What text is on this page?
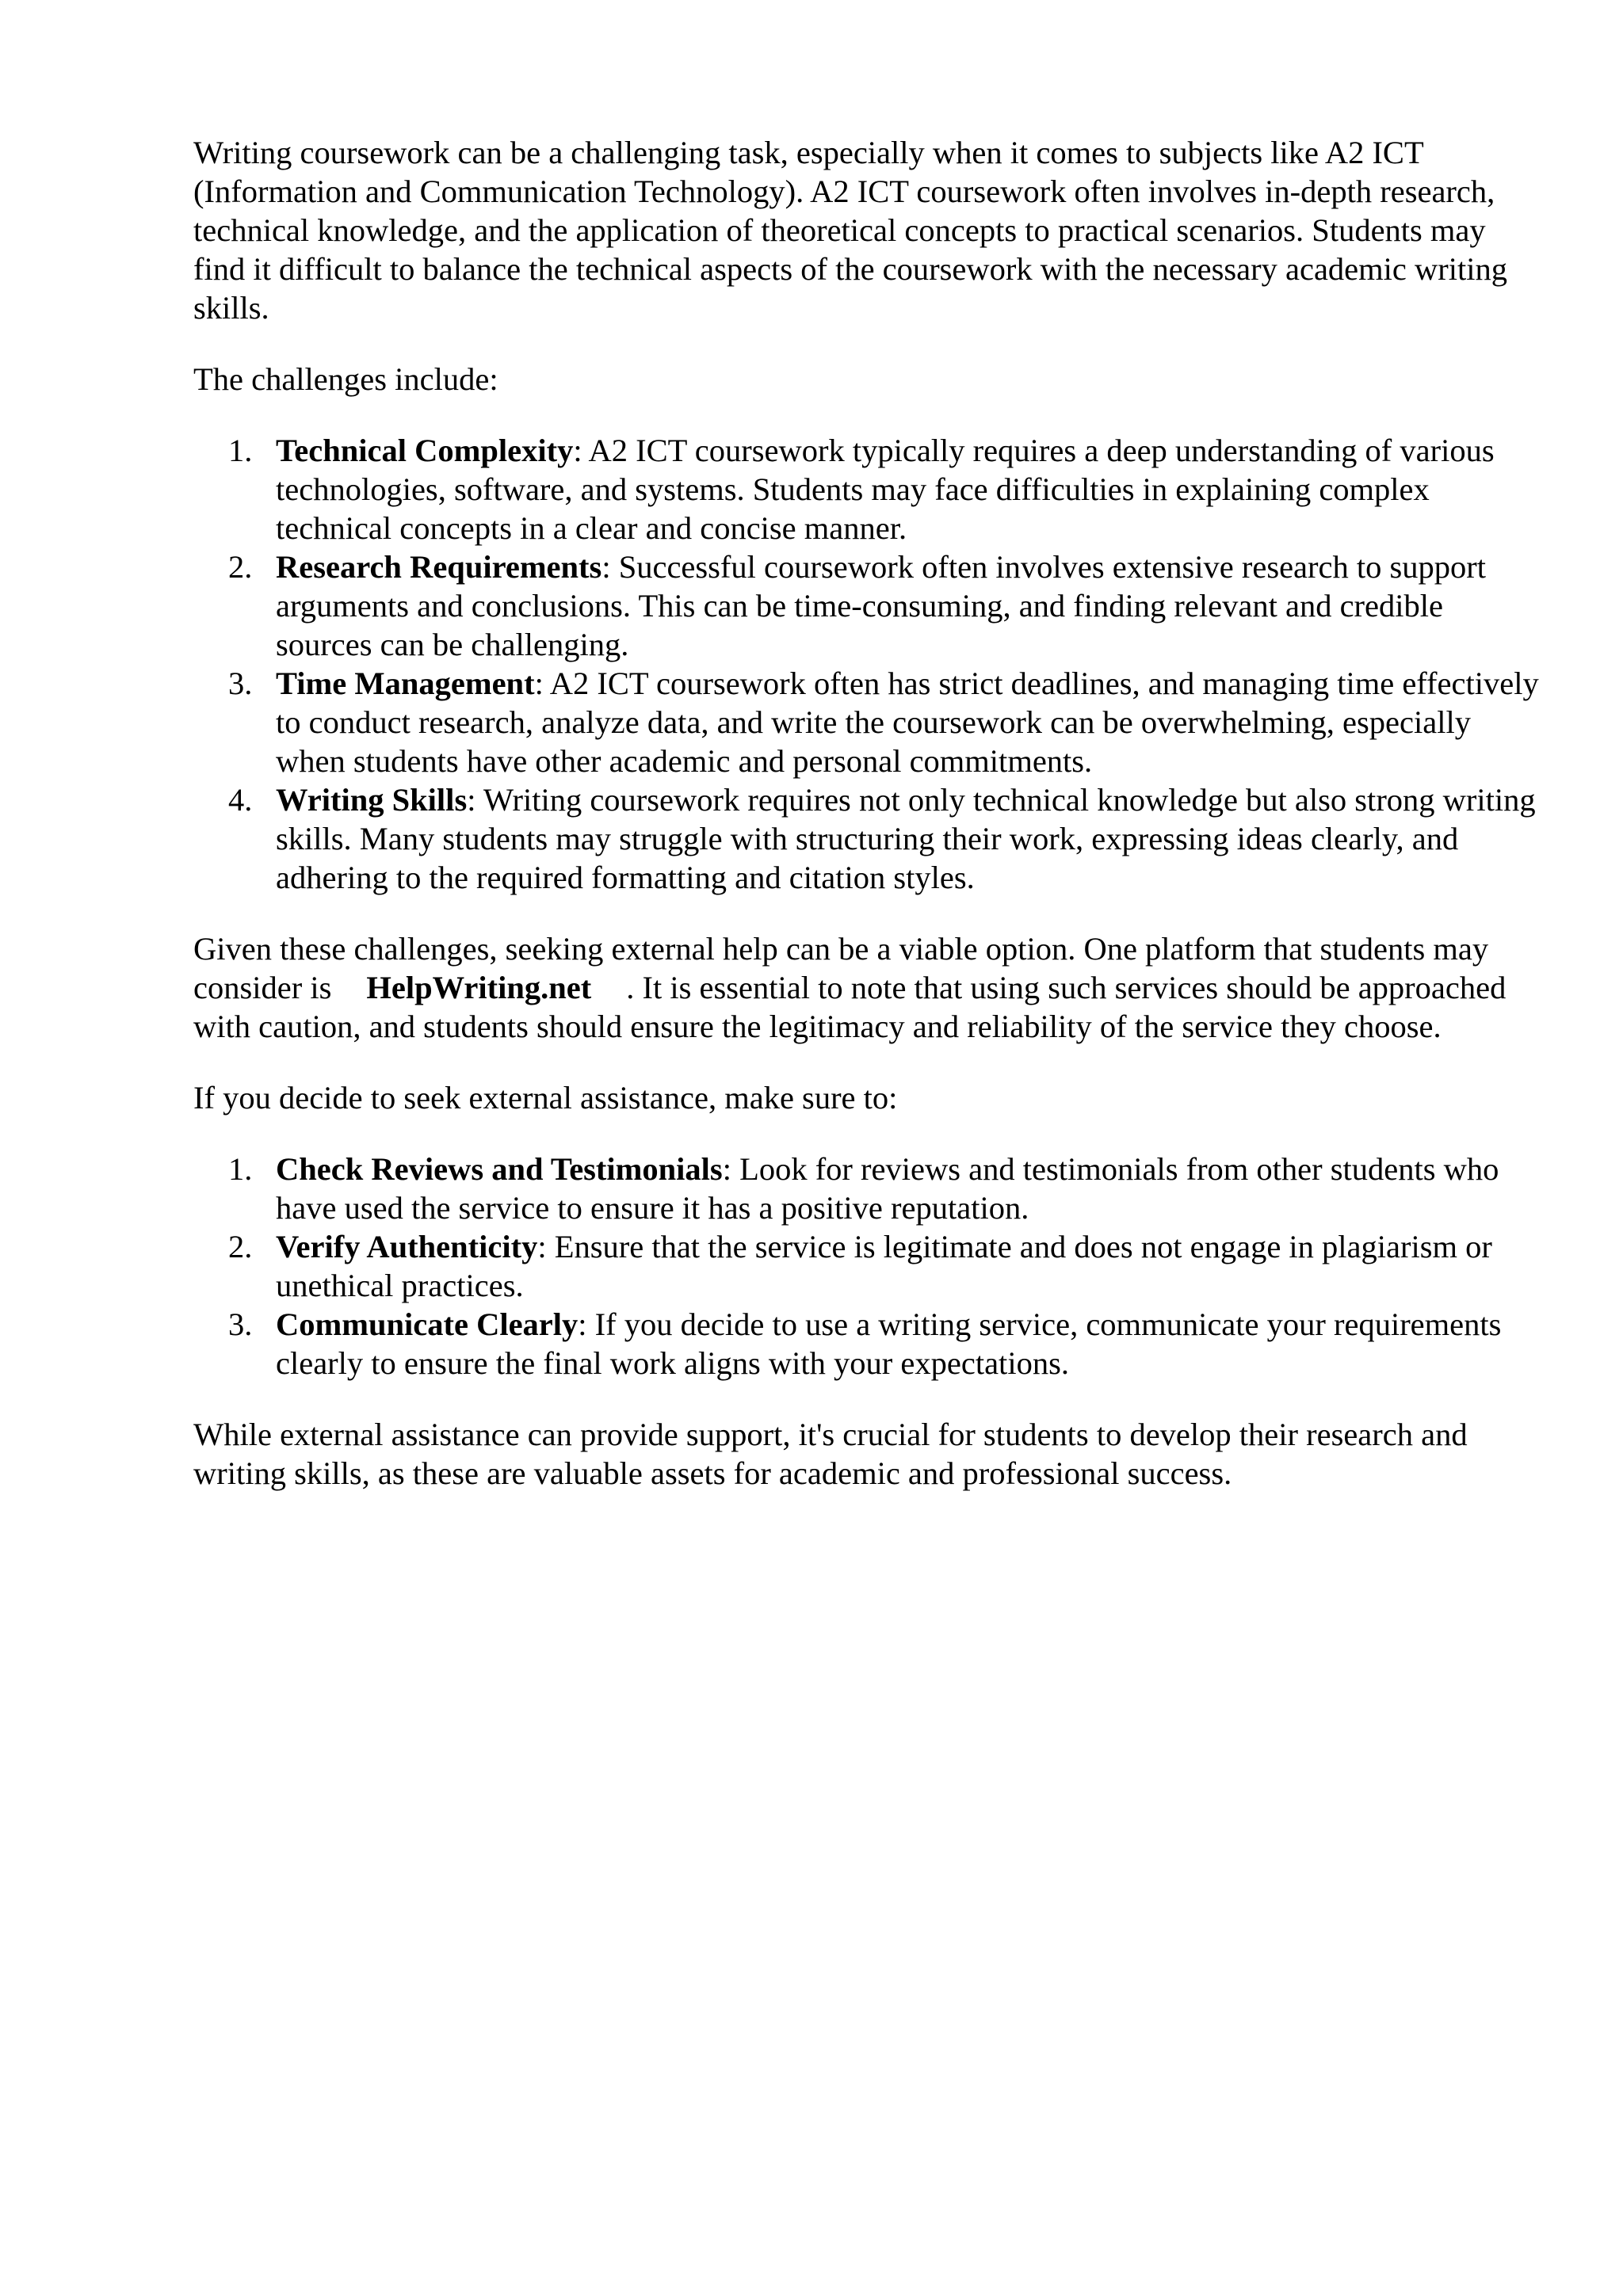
Writing coursework can be a challenging task, especially when it comes to subjects like A2 ICT (Information and Communication Technology). A2 ICT coursework often involves in-depth research, technical knowledge, and the application of theoretical concepts to practical scenarios. Students may find it difficult to balance the technical aspects of the coursework with the necessary academic writing skills.

The challenges include:

1. Technical Complexity: A2 ICT coursework typically requires a deep understanding of various technologies, software, and systems. Students may face difficulties in explaining complex technical concepts in a clear and concise manner.
2. Research Requirements: Successful coursework often involves extensive research to support arguments and conclusions. This can be time-consuming, and finding relevant and credible sources can be challenging.
3. Time Management: A2 ICT coursework often has strict deadlines, and managing time effectively to conduct research, analyze data, and write the coursework can be overwhelming, especially when students have other academic and personal commitments.
4. Writing Skills: Writing coursework requires not only technical knowledge but also strong writing skills. Many students may struggle with structuring their work, expressing ideas clearly, and adhering to the required formatting and citation styles.

Given these challenges, seeking external help can be a viable option. One platform that students may consider is HelpWriting.net . It is essential to note that using such services should be approached with caution, and students should ensure the legitimacy and reliability of the service they choose.

If you decide to seek external assistance, make sure to:

1. Check Reviews and Testimonials: Look for reviews and testimonials from other students who have used the service to ensure it has a positive reputation.
2. Verify Authenticity: Ensure that the service is legitimate and does not engage in plagiarism or unethical practices.
3. Communicate Clearly: If you decide to use a writing service, communicate your requirements clearly to ensure the final work aligns with your expectations.

While external assistance can provide support, it's crucial for students to develop their research and writing skills, as these are valuable assets for academic and professional success.
